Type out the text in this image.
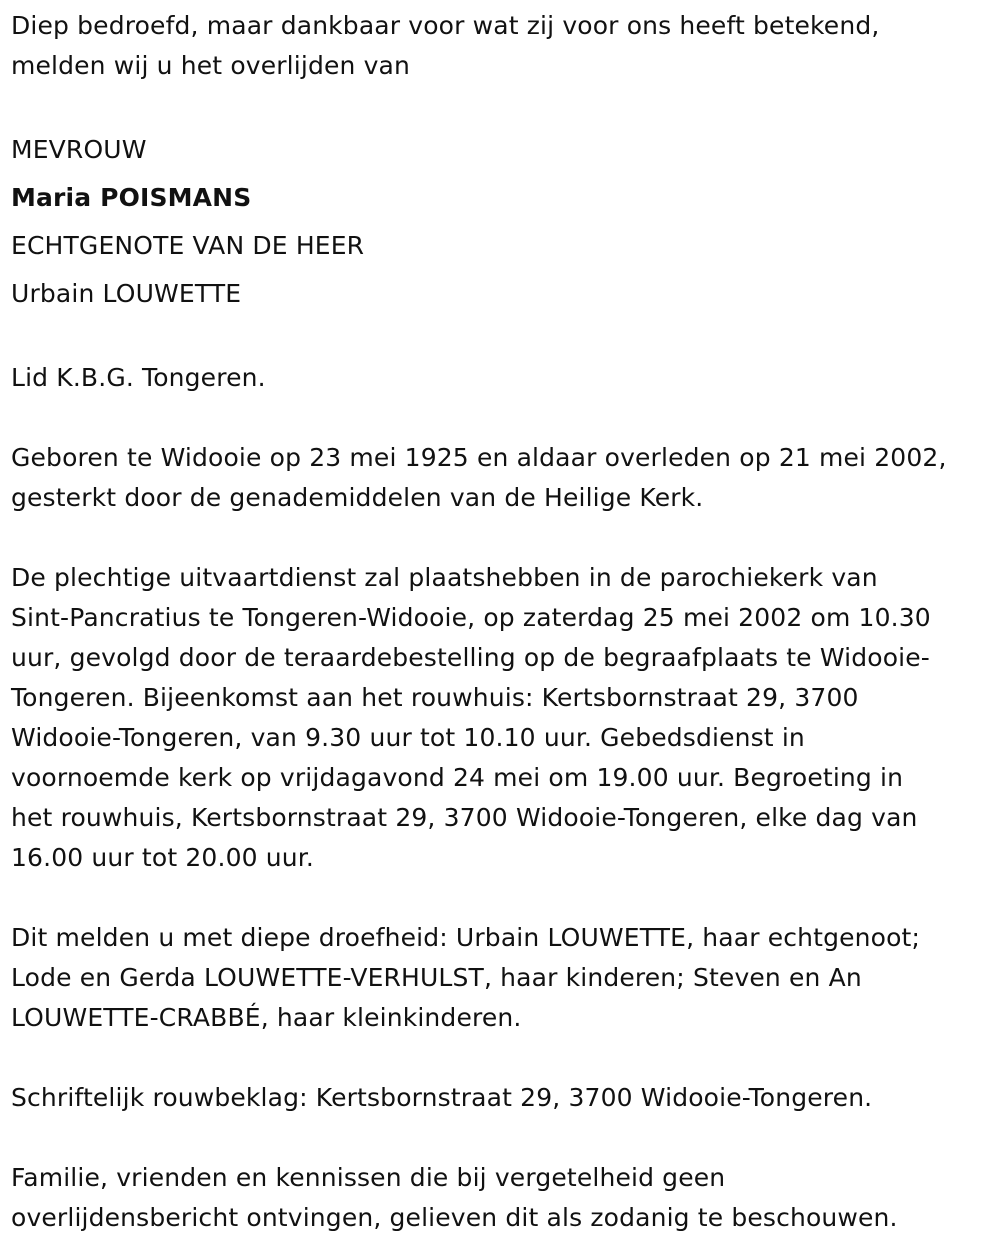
Diep bedroefd, maar dankbaar voor wat zij voor ons heeft betekend,
melden wij u het overlijden van

MEVROUW
Maria POISMANS
ECHTGENOTE VAN DE HEER
Urbain LOUWETTE

Lid K.B.G. Tongeren.

Geboren te Widooie op 23 mei 1925 en aldaar overleden op 21 mei 2002,
gesterkt door de genademiddelen van de Heilige Kerk.

De plechtige uitvaartdienst zal plaatshebben in de parochiekerk van
Sint-Pancratius te Tongeren-Widooie, op zaterdag 25 mei 2002 om 10.30
uur, gevolgd door de teraardebestelling op de begraafplaats te Widooie-
Tongeren. Bijeenkomst aan het rouwhuis: Kertsbornstraat 29, 3700
Widooie-Tongeren, van 9.30 uur tot 10.10 uur. Gebedsdienst in
voornoemde kerk op vrijdagavond 24 mei om 19.00 uur. Begroeting in
het rouwhuis, Kertsbornstraat 29, 3700 Widooie-Tongeren, elke dag van
16.00 uur tot 20.00 uur.

Dit melden u met diepe droefheid: Urbain LOUWETTE, haar echtgenoot;
Lode en Gerda LOUWETTE-VERHULST, haar kinderen; Steven en An
LOUWETTE-CRABBÉ, haar kleinkinderen.

Schriftelijk rouwbeklag: Kertsbornstraat 29, 3700 Widooie-Tongeren.

Familie, vrienden en kennissen die bij vergetelheid geen
overlijdensbericht ontvingen, gelieven dit als zodanig te beschouwen.
